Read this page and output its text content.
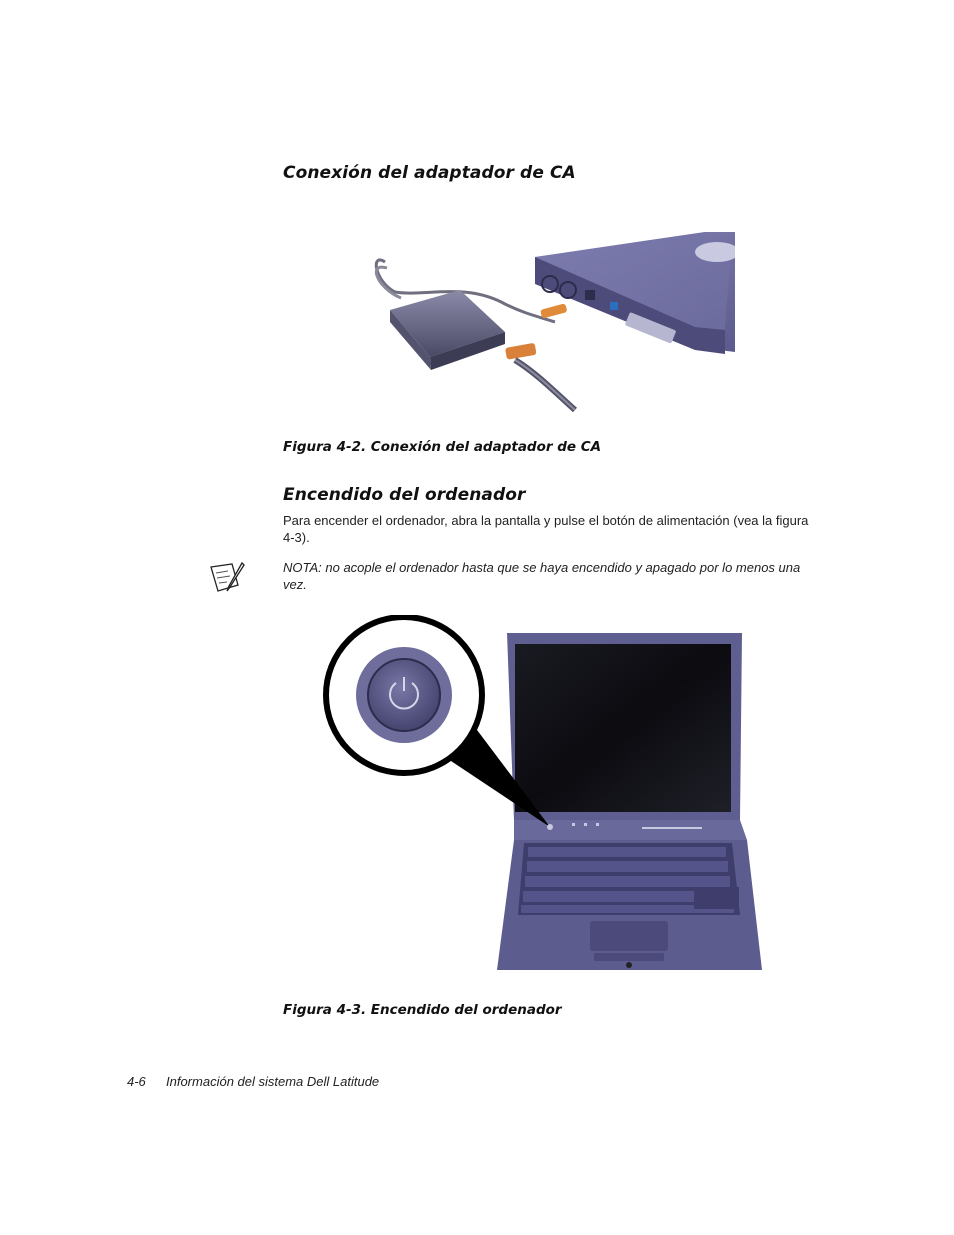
Conexión del adaptador de CA
Figura 4-2. Conexión del adaptador de CA
Encendido del ordenador
Para encender el ordenador, abra la pantalla y pulse el botón de alimentación (vea la figura 4-3).
NOTA: no acople el ordenador hasta que se haya encendido y apagado por lo menos una vez.
Figura 4-3. Encendido del ordenador
4-6 Información del sistema Dell Latitude
